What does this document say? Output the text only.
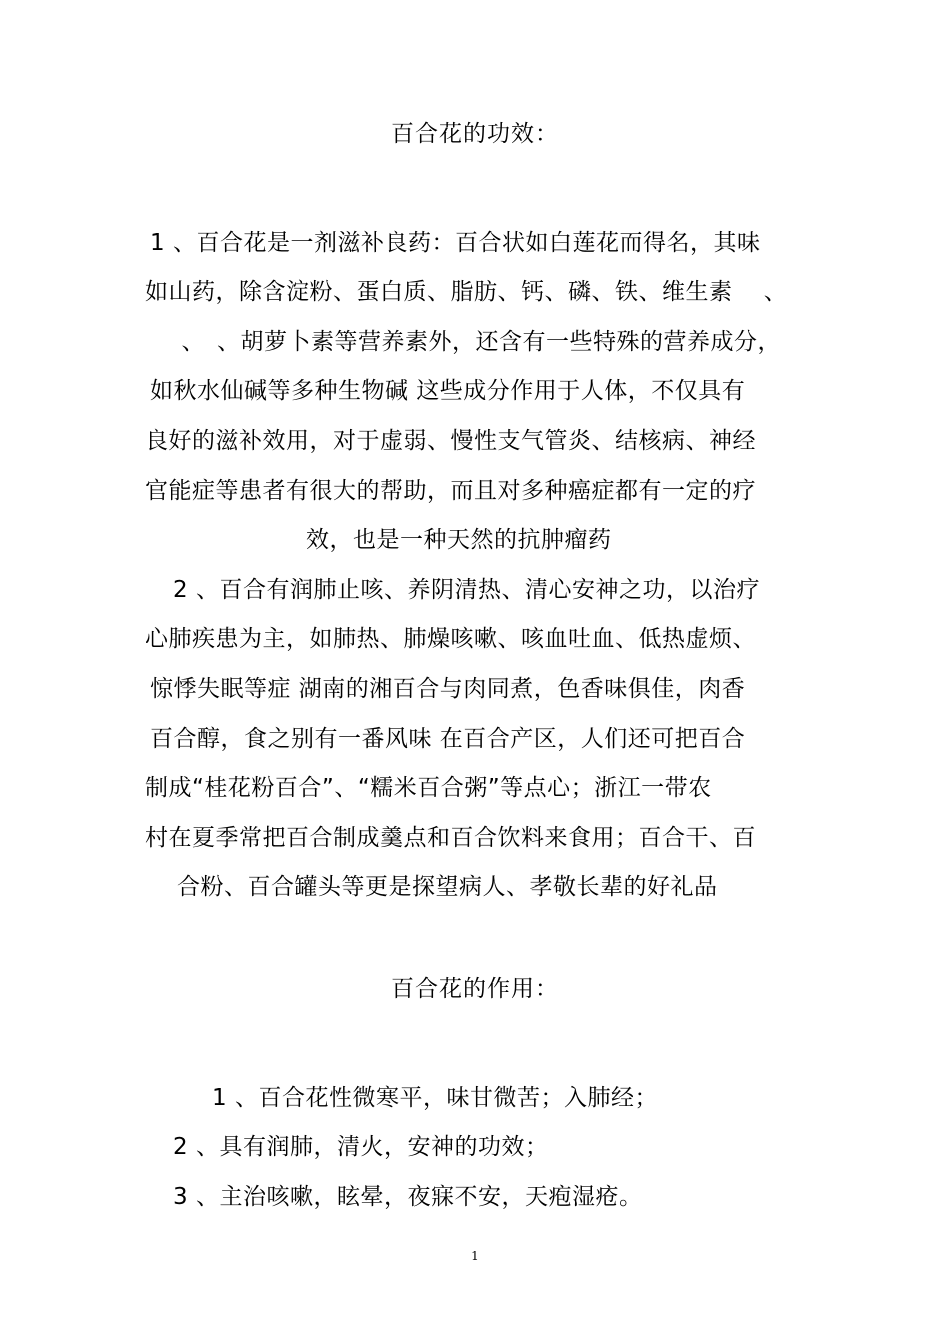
百合花的功效：
1 、百合花是一剂滋补良药：百合状如白莲花而得名，其味
如山药，除含淀粉、蛋白质、脂肪、钙、磷、铁、维生素　 、
　、　、胡萝卜素等营养素外，还含有一些特殊的营养成分，
如秋水仙碱等多种生物碱 这些成分作用于人体，不仅具有
良好的滋补效用，对于虚弱、慢性支气管炎、结核病、神经
官能症等患者有很大的帮助，而且对多种癌症都有一定的疗
效，也是一种天然的抗肿瘤药
2 、百合有润肺止咳、养阴清热、清心安神之功，以治疗
心肺疾患为主，如肺热、肺燥咳嗽、咳血吐血、低热虚烦、
惊悸失眠等症 湖南的湘百合与肉同煮，色香味俱佳，肉香
百合醇，食之别有一番风味 在百合产区，人们还可把百合
制成“桂花粉百合”、“糯米百合粥”等点心；浙江一带农
村在夏季常把百合制成羹点和百合饮料来食用；百合干、百
合粉、百合罐头等更是探望病人、孝敬长辈的好礼品
百合花的作用：
1 、百合花性微寒平，味甘微苦；入肺经；
2 、具有润肺，清火，安神的功效；
3 、主治咳嗽，眩晕，夜寐不安，天疱湿疮。
1
